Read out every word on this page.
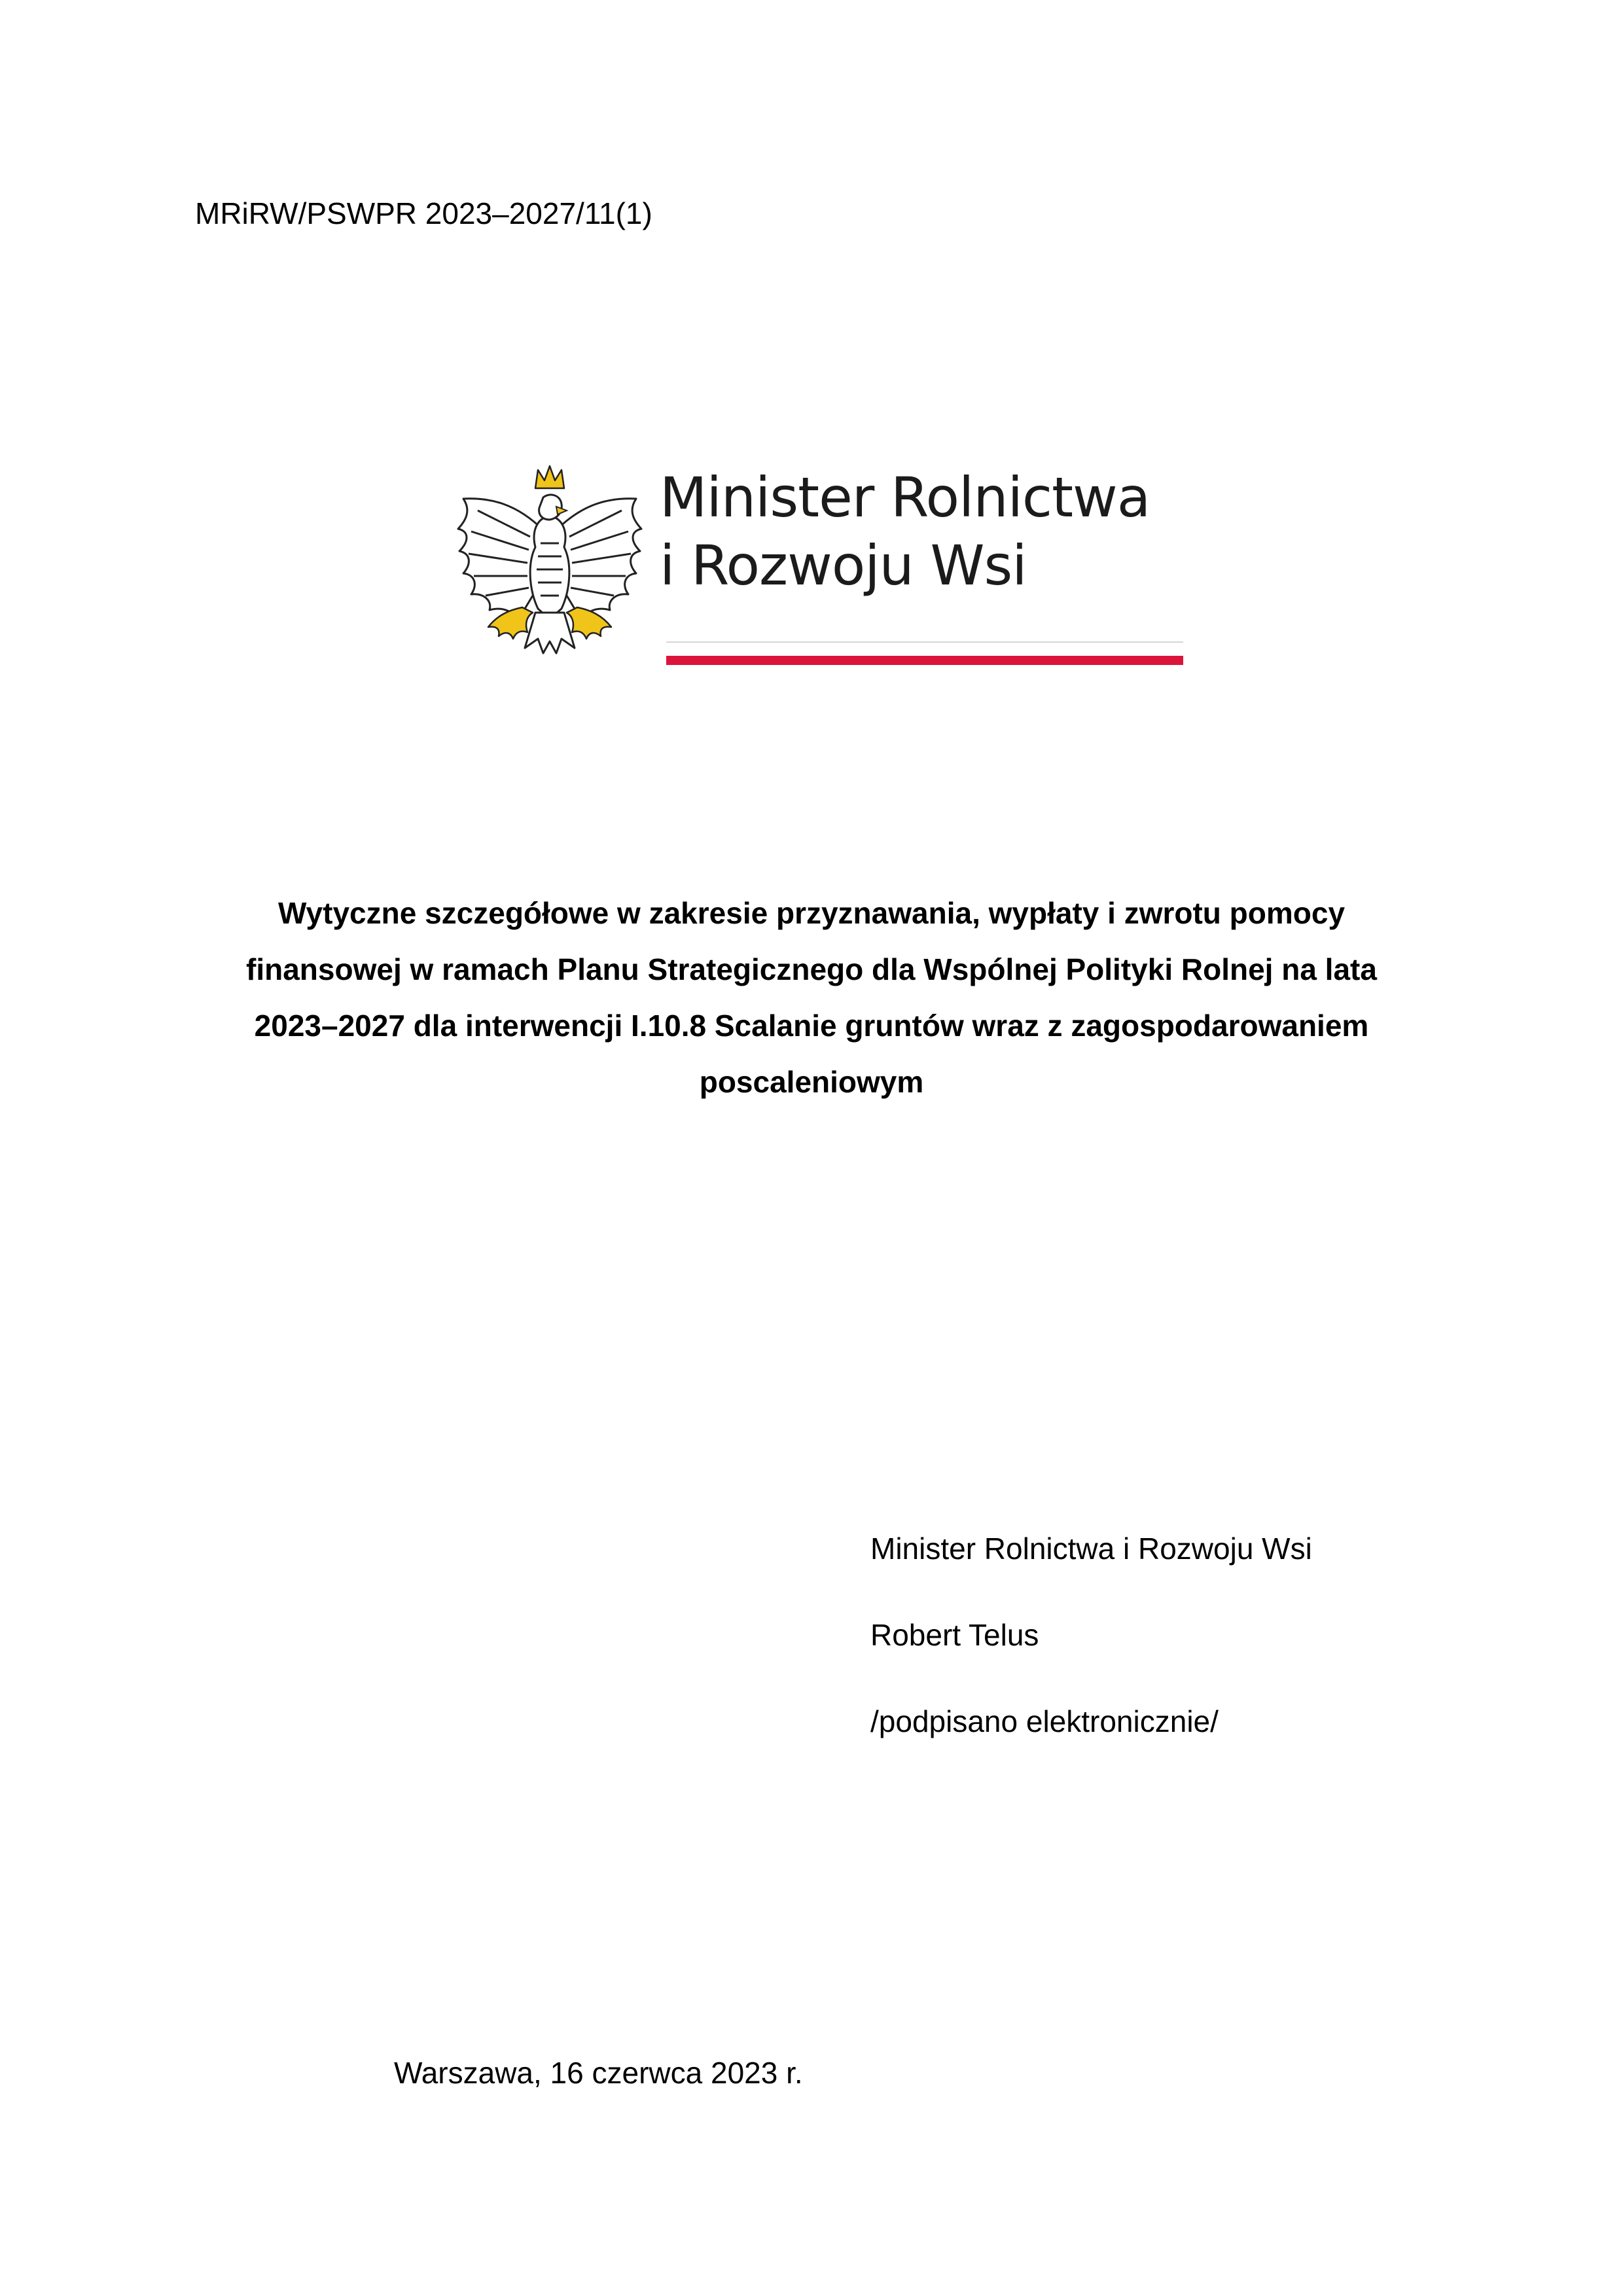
MRiRW/PSWPR 2023–2027/11(1)
Minister Rolnictwa
i Rozwoju Wsi
Wytyczne szczegółowe w zakresie przyznawania, wypłaty i zwrotu pomocy
finansowej w ramach Planu Strategicznego dla Wspólnej Polityki Rolnej na lata
2023–2027 dla interwencji I.10.8 Scalanie gruntów wraz z zagospodarowaniem
poscaleniowym
Minister Rolnictwa i Rozwoju Wsi
Robert Telus
/podpisano elektronicznie/
Warszawa, 16 czerwca 2023 r.
